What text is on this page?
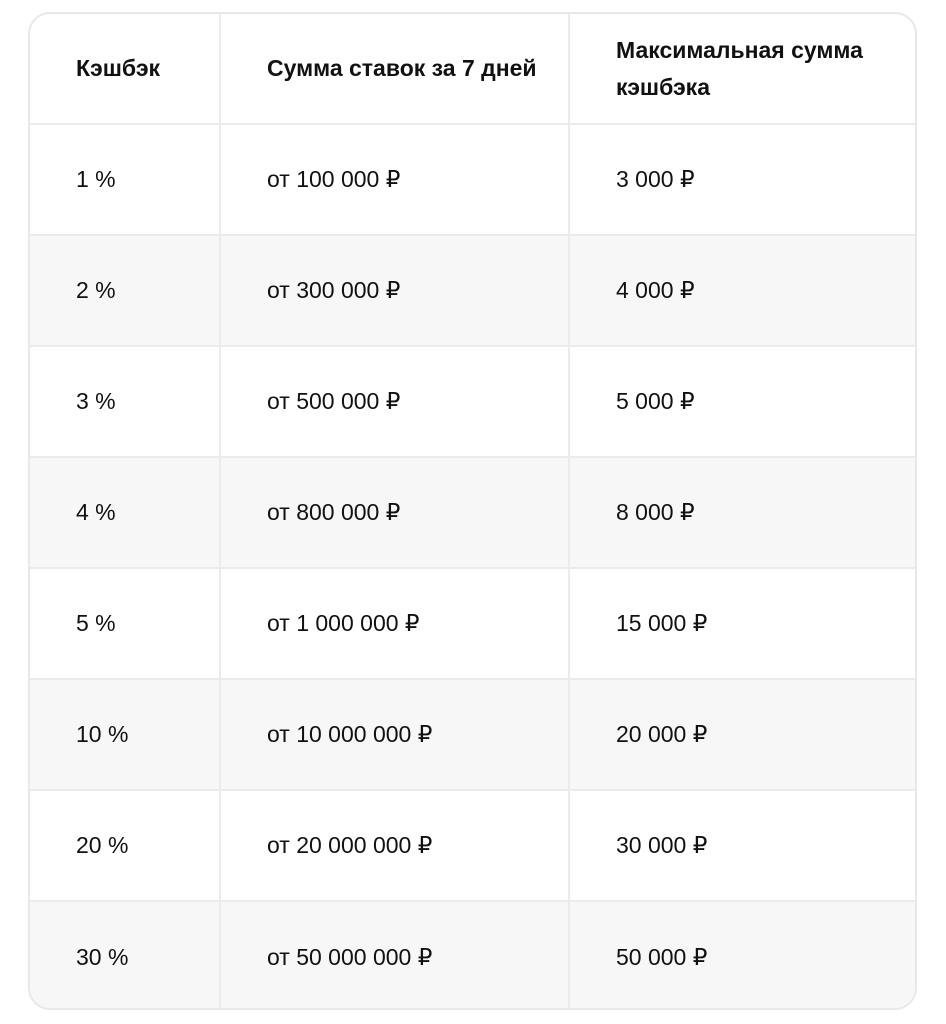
Кэшбэк	Сумма ставок за 7 дней	Максимальная сумма кэшбэка
1 %	от 100 000 ₽	3 000 ₽
2 %	от 300 000 ₽	4 000 ₽
3 %	от 500 000 ₽	5 000 ₽
4 %	от 800 000 ₽	8 000 ₽
5 %	от 1 000 000 ₽	15 000 ₽
10 %	от 10 000 000 ₽	20 000 ₽
20 %	от 20 000 000 ₽	30 000 ₽
30 %	от 50 000 000 ₽	50 000 ₽
